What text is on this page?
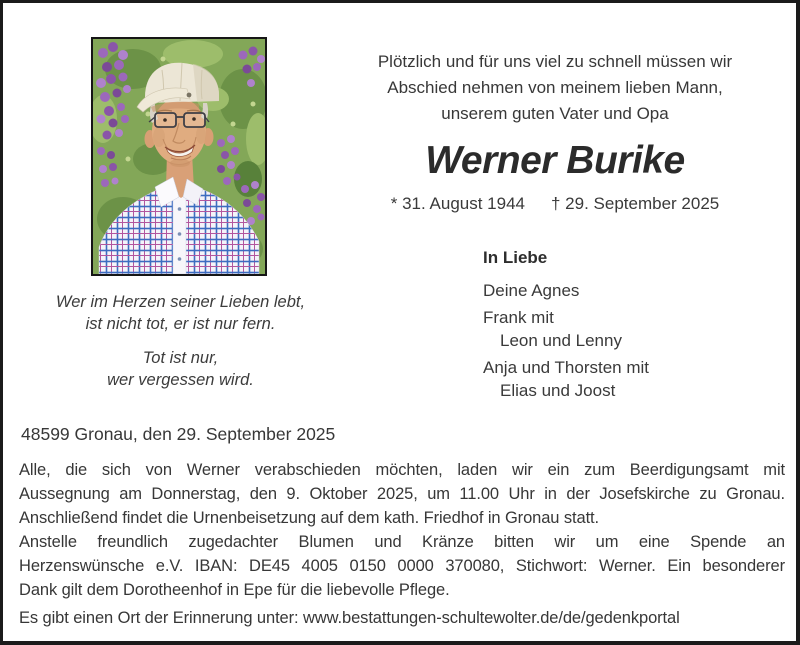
Plötzlich und für uns viel zu schnell müssen wir
Abschied nehmen von meinem lieben Mann,
unserem guten Vater und Opa
Werner Burike
* 31. August 1944 † 29. September 2025
In Liebe
Deine Agnes
Frank mit
Leon und Lenny
Anja und Thorsten mit
Elias und Joost
Wer im Herzen seiner Lieben lebt,
ist nicht tot, er ist nur fern.
Tot ist nur,
wer vergessen wird.
48599 Gronau, den 29. September 2025
Alle, die sich von Werner verabschieden möchten, laden wir ein zum Beerdigungsamt mit
Aussegnung am Donnerstag, den 9. Oktober 2025, um 11.00 Uhr in der Josefskirche zu Gronau.
Anschließend findet die Urnenbeisetzung auf dem kath. Friedhof in Gronau statt.
Anstelle freundlich zugedachter Blumen und Kränze bitten wir um eine Spende an
Herzenswünsche e.V. IBAN: DE45 4005 0150 0000 370080, Stichwort: Werner. Ein besonderer
Dank gilt dem Dorotheenhof in Epe für die liebevolle Pflege.
Es gibt einen Ort der Erinnerung unter: www.bestattungen-schultewolter.de/de/gedenkportal
